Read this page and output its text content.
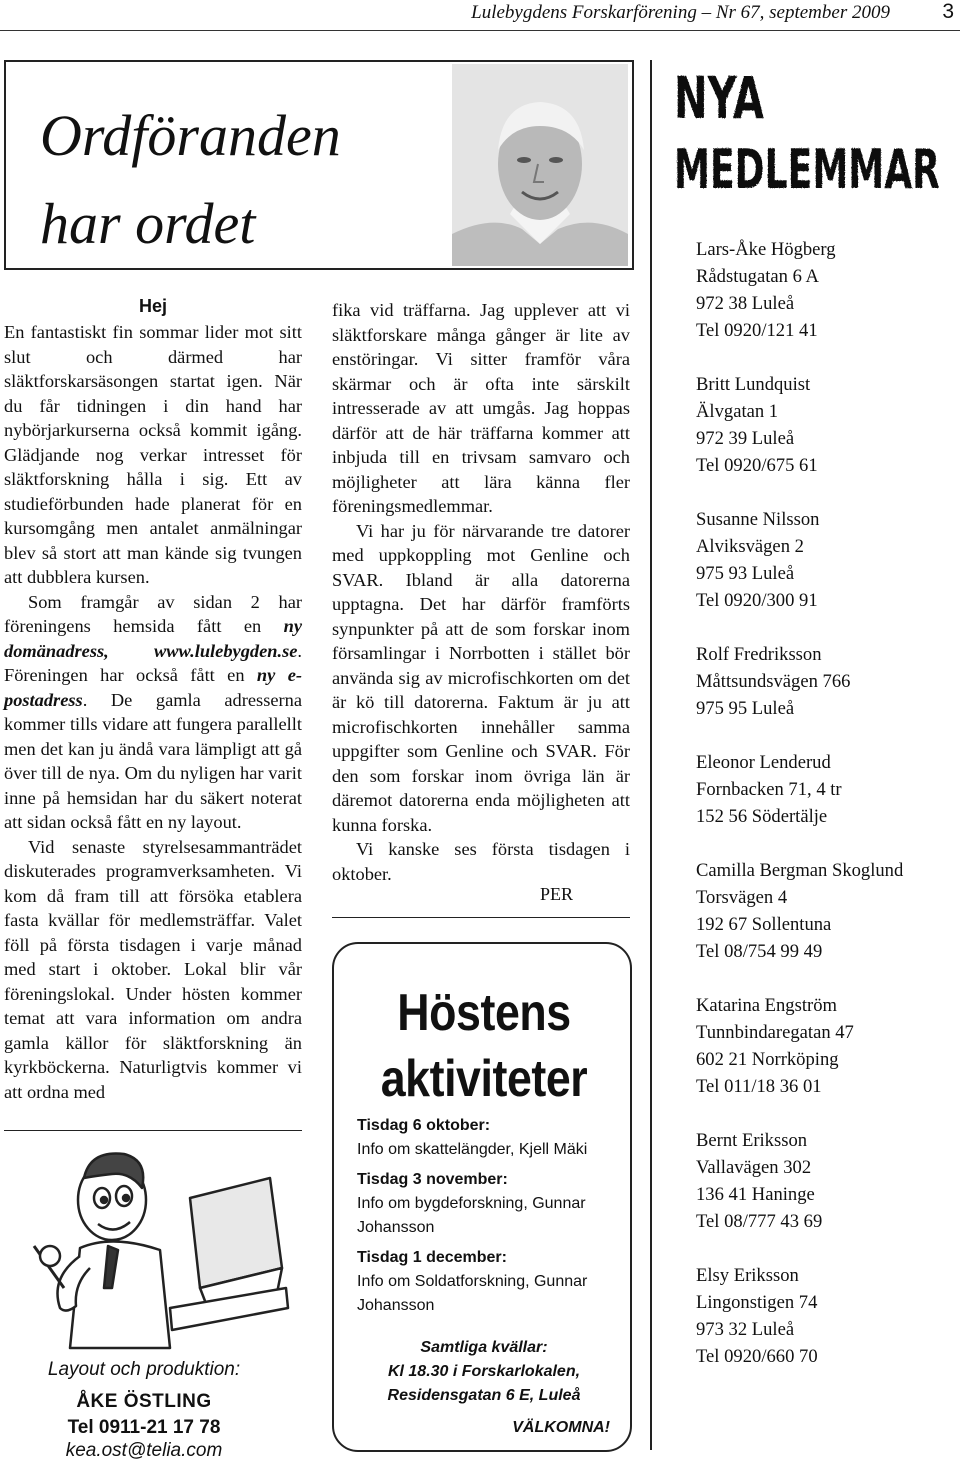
Lulebygdens Forskarförening – Nr 67, september 2009 3
Ordföranden
har ordet
Hej

En fantastiskt fin sommar lider mot sitt slut och därmed har släktforskarsäsongen startat igen. När du får tidningen i din hand har nybörjarkurserna också kommit igång. Glädjande nog verkar intresset för släktforskning hålla i sig. Ett av studieförbunden hade planerat för en kursomgång men antalet anmälningar blev så stort att man kände sig tvungen att dubblera kursen.

Som framgår av sidan 2 har föreningens hemsida fått en ny domänadress, www.lulebygden.se. Föreningen har också fått en ny e-postadress. De gamla adresserna kommer tills vidare att fungera parallellt men det kan ju ändå vara lämpligt att gå över till de nya. Om du nyligen har varit inne på hemsidan har du säkert noterat att sidan också fått en ny layout.

Vid senaste styrelsesammanträdet diskuterades programverksamheten. Vi kom då fram till att försöka etablera fasta kvällar för medlemsträffar. Valet föll på första tisdagen i varje månad med start i oktober. Lokal blir vår föreningslokal. Under hösten kommer temat att vara information om andra gamla källor för släktforskning än kyrkböckerna. Naturligtvis kommer vi att ordna med

fika vid träffarna. Jag upplever att vi släktforskare många gånger är lite av enstöringar. Vi sitter framför våra skärmar och är ofta inte särskilt intresserade av att umgås. Jag hoppas därför att de här träffarna kommer att inbjuda till en trivsam samvaro och möjligheter att lära känna fler föreningsmedlemmar.

Vi har ju för närvarande tre datorer med uppkoppling mot Genline och SVAR. Ibland är alla datorerna upptagna. Det har därför framförts synpunkter på att de som forskar inom församlingar i Norrbotten i stället bör använda sig av microfischkorten om det är kö till datorerna. Faktum är ju att microfischkorten innehåller samma uppgifter som Genline och SVAR. För den som forskar inom övriga län är däremot datorerna enda möjligheten att kunna forska.

Vi kanske ses första tisdagen i oktober.

PER
Layout och produktion:
ÅKE ÖSTLING
Tel 0911-21 17 78
kea.ost@telia.com
Höstens
aktiviteter
Tisdag 6 oktober:
Info om skattelängder, Kjell Mäki
Tisdag 3 november:
Info om bygdeforskning, Gunnar Johansson
Tisdag 1 december:
Info om Soldatforskning, Gunnar Johansson
Samtliga kvällar:
Kl 18.30 i Forskarlokalen,
Residensgatan 6 E, Luleå
VÄLKOMNA!
NYA
MEDLEMMAR
Lars-Åke Högberg
Rådstugatan 6 A
972 38 Luleå
Tel 0920/121 41
Britt Lundquist
Älvgatan 1
972 39 Luleå
Tel 0920/675 61
Susanne Nilsson
Alviksvägen 2
975 93 Luleå
Tel 0920/300 91
Rolf Fredriksson
Måttsundsvägen 766
975 95 Luleå
Eleonor Lenderud
Fornbacken 71, 4 tr
152 56 Södertälje
Camilla Bergman Skoglund
Torsvägen 4
192 67 Sollentuna
Tel 08/754 99 49
Katarina Engström
Tunnbindaregatan 47
602 21 Norrköping
Tel 011/18 36 01
Bernt Eriksson
Vallavägen 302
136 41 Haninge
Tel 08/777 43 69
Elsy Eriksson
Lingonstigen 74
973 32 Luleå
Tel 0920/660 70
